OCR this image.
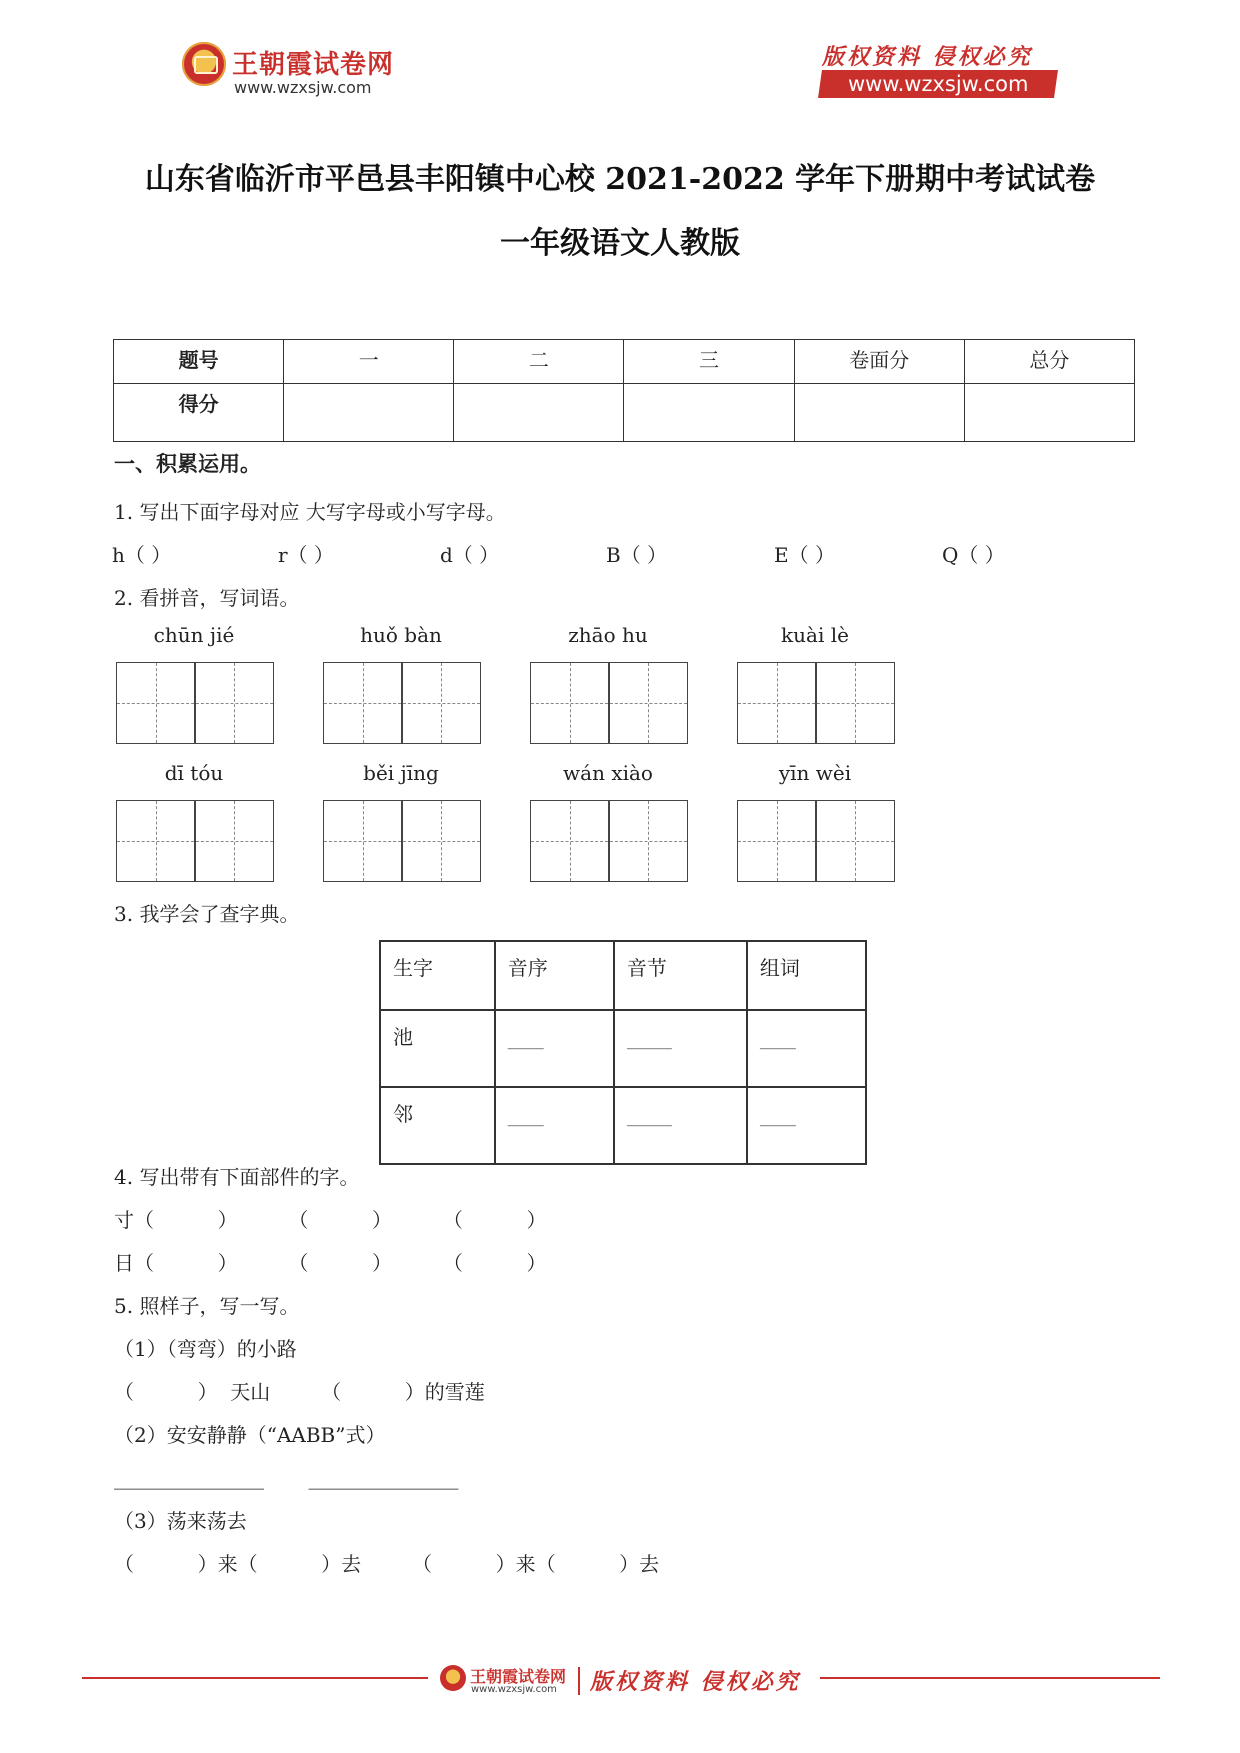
王朝霞试卷网
www.wzxsjw.com
版权资料 侵权必究
www.wzxsjw.com
山东省临沂市平邑县丰阳镇中心校 2021-2022 学年下册期中考试试卷
一年级语文人教版
题号	一	二	三	卷面分	总分
得分					
一、积累运用。
1. 写出下面字母对应 大写字母或小写字母。
h（ ）	r（ ）	d（ ）	B（ ）	E（ ）	Q（ ）
2. 看拼音，写词语。
chūn jié	huǒ bàn	zhāo hu	kuài lè
dī tóu	běi jīng	wán xiào	yīn wèi
3. 我学会了查字典。
生字	音序	音节	组词
池	____	_____	____
邻	____	_____	____
4. 写出带有下面部件的字。
寸（          ）        （          ）        （          ）
日（          ）        （          ）        （          ）
5. 照样子，写一写。
（1）（弯弯）的小路
（          ）  天山        （          ）的雪莲
（2）安安静静（“AABB”式）
_______________       _______________
（3）荡来荡去
（          ）来（          ）去        （          ）来（          ）去
王朝霞试卷网
www.wzxsjw.com 版权资料 侵权必究
